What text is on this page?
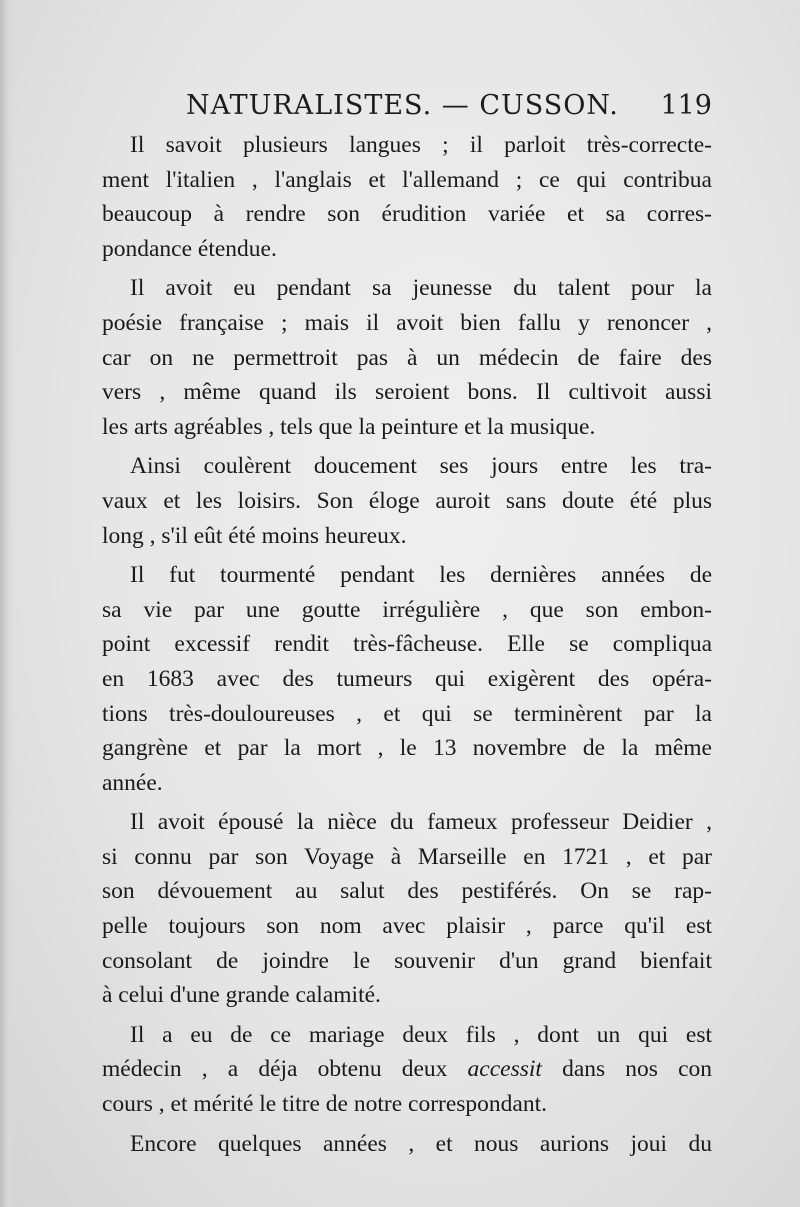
NATURALISTES. — CUSSON. 119
Il savoit plusieurs langues ; il parloit très-correcte-
ment l'italien , l'anglais et l'allemand ; ce qui contribua
beaucoup à rendre son érudition variée et sa corres-
pondance étendue.
Il avoit eu pendant sa jeunesse du talent pour la
poésie française ; mais il avoit bien fallu y renoncer ,
car on ne permettroit pas à un médecin de faire des
vers , même quand ils seroient bons. Il cultivoit aussi
les arts agréables , tels que la peinture et la musique.
Ainsi coulèrent doucement ses jours entre les tra-
vaux et les loisirs. Son éloge auroit sans doute été plus
long , s'il eût été moins heureux.
Il fut tourmenté pendant les dernières années de
sa vie par une goutte irrégulière , que son embon-
point excessif rendit très-fâcheuse. Elle se compliqua
en 1683 avec des tumeurs qui exigèrent des opéra-
tions très-douloureuses , et qui se terminèrent par la
gangrène et par la mort , le 13 novembre de la même
année.
Il avoit épousé la nièce du fameux professeur Deidier ,
si connu par son Voyage à Marseille en 1721 , et par
son dévouement au salut des pestiférés. On se rap-
pelle toujours son nom avec plaisir , parce qu'il est
consolant de joindre le souvenir d'un grand bienfait
à celui d'une grande calamité.
Il a eu de ce mariage deux fils , dont un qui est
médecin , a déja obtenu deux accessit dans nos con
cours , et mérité le titre de notre correspondant.
Encore quelques années , et nous aurions joui du
